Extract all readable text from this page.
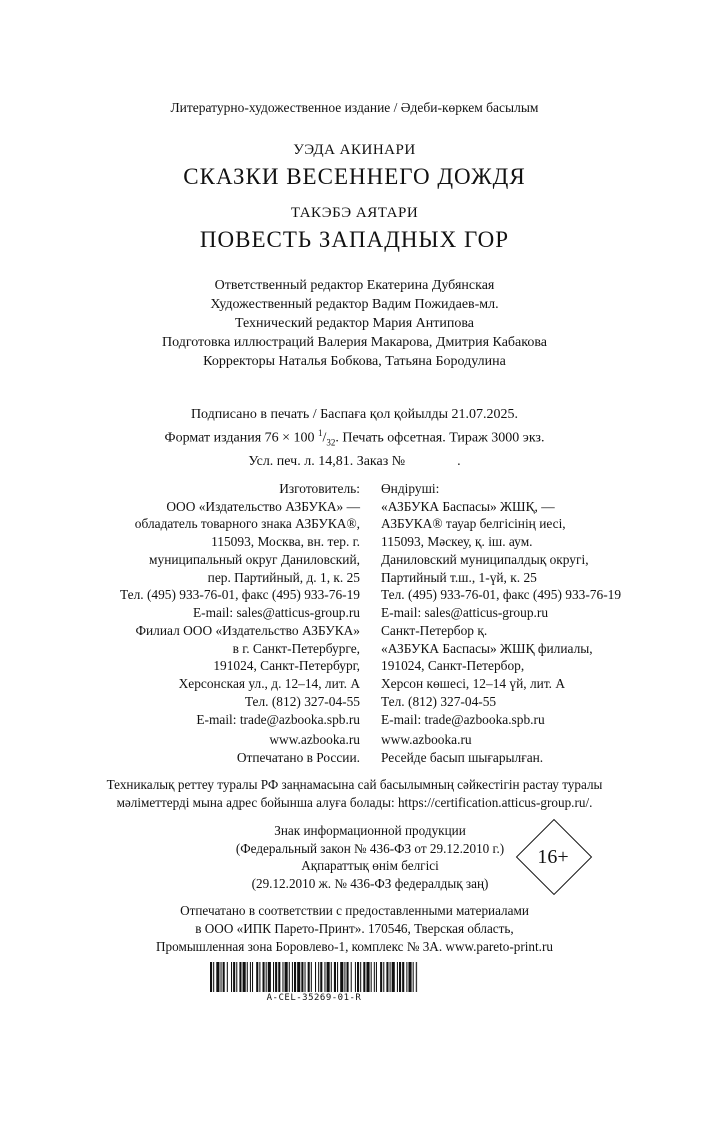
Литературно-художественное издание / Әдеби-көркем басылым
УЭДА АКИНАРИ
СКАЗКИ ВЕСЕННЕГО ДОЖДЯ
ТАКЭБЭ АЯТАРИ
ПОВЕСТЬ ЗАПАДНЫХ ГОР
Ответственный редактор Екатерина Дубянская
Художественный редактор Вадим Пожидаев-мл.
Технический редактор Мария Антипова
Подготовка иллюстраций Валерия Макарова, Дмитрия Кабакова
Корректоры Наталья Бобкова, Татьяна Бородулина
Подписано в печать / Баспаға қол қойылды 21.07.2025.
Формат издания 76 × 100 $^1/_{32}$. Печать офсетная. Тираж 3000 экз.
Усл. печ. л. 14,81. Заказ №	.
Изготовитель:
ООО «Издательство АЗБУКА» —
обладатель товарного знака АЗБУКА®,
115093, Москва, вн. тер. г.
муниципальный округ Даниловский,
пер. Партийный, д. 1, к. 25
Тел. (495) 933-76-01, факс (495) 933-76-19
E-mail: sales@atticus-group.ru
Өндіруші:
«АЗБУКА Баспасы» ЖШҚ, —
АЗБУКА® тауар белгісінің иесі,
115093, Мәскеу, қ. іш. аум.
Даниловский муниципалдық округі,
Партийный т.ш., 1-үй, к. 25
Тел. (495) 933-76-01, факс (495) 933-76-19
E-mail: sales@atticus-group.ru
Филиал ООО «Издательство АЗБУКА»
в г. Санкт-Петербурге,
191024, Санкт-Петербург,
Херсонская ул., д. 12–14, лит. А
Тел. (812) 327-04-55
E-mail: trade@azbooka.spb.ru
Санкт-Петербор қ.
«АЗБУКА Баспасы» ЖШҚ филиалы,
191024, Санкт-Петербор,
Херсон көшесі, 12–14 үй, лит. А
Тел. (812) 327-04-55
E-mail: trade@azbooka.spb.ru
www.azbooka.ru
Отпечатано в России.
www.azbooka.ru
Ресейде басып шығарылған.
Техникалық реттеу туралы РФ заңнамасына сай басылымның сәйкестігін растау туралы
мәліметтерді мына адрес бойынша алуға болады: https://certification.atticus-group.ru/.
Знак информационной продукции
(Федеральный закон № 436-ФЗ от 29.12.2010 г.)
Ақпараттық өнім белгісі
(29.12.2010 ж. № 436-ФЗ федералдық заң)
16+
Отпечатано в соответствии с предоставленными материалами
в ООО «ИПК Парето-Принт». 170546, Тверская область,
Промышленная зона Боровлево-1, комплекс № 3А. www.pareto-print.ru
A-CEL-35269-01-R
